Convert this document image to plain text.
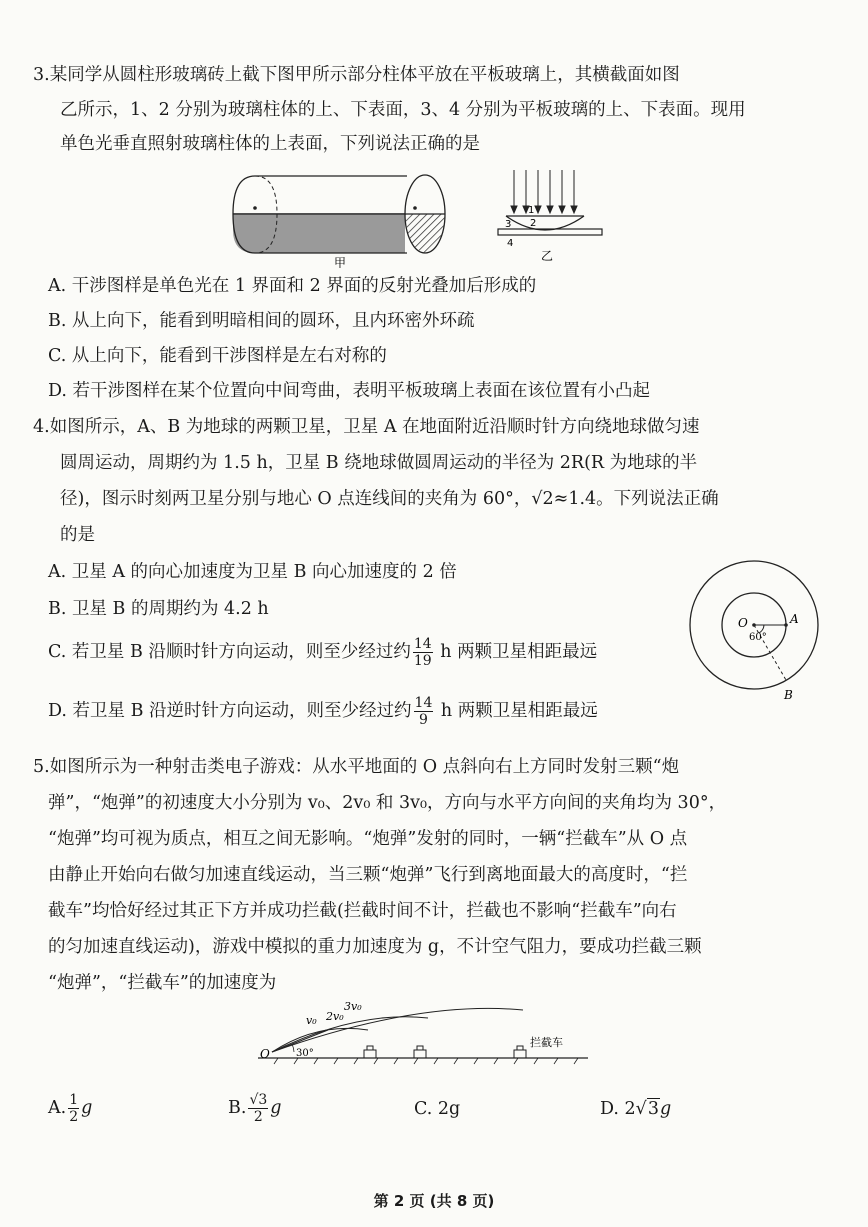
3.某同学从圆柱形玻璃砖上截下图甲所示部分柱体平放在平板玻璃上，其横截面如图
乙所示，1、2 分别为玻璃柱体的上、下表面，3、4 分别为平板玻璃的上、下表面。现用
单色光垂直照射玻璃柱体的上表面，下列说法正确的是
甲
1
2
3
4
乙
A. 干涉图样是单色光在 1 界面和 2 界面的反射光叠加后形成的
B. 从上向下，能看到明暗相间的圆环，且内环密外环疏
C. 从上向下，能看到干涉图样是左右对称的
D. 若干涉图样在某个位置向中间弯曲，表明平板玻璃上表面在该位置有小凸起
4.如图所示，A、B 为地球的两颗卫星，卫星 A 在地面附近沿顺时针方向绕地球做匀速
圆周运动，周期约为 1.5 h，卫星 B 绕地球做圆周运动的半径为 2R(R 为地球的半
径)，图示时刻两卫星分别与地心 O 点连线间的夹角为 60°，√2≈1.4。下列说法正确
的是
A. 卫星 A 的向心加速度为卫星 B 向心加速度的 2 倍
B. 卫星 B 的周期约为 4.2 h
C. 若卫星 B 沿顺时针方向运动，则至少经过约 $\frac{14}{19}$ h 两颗卫星相距最远
D. 若卫星 B 沿逆时针方向运动，则至少经过约 $\frac{14}{9}$ h 两颗卫星相距最远
O
60°
A
B
5.如图所示为一种射击类电子游戏：从水平地面的 O 点斜向右上方同时发射三颗“炮
弹”，“炮弹”的初速度大小分别为 v₀、2v₀ 和 3v₀，方向与水平方向间的夹角均为 30°，
“炮弹”均可视为质点，相互之间无影响。“炮弹”发射的同时，一辆“拦截车”从 O 点
由静止开始向右做匀加速直线运动，当三颗“炮弹”飞行到离地面最大的高度时，“拦
截车”均恰好经过其正下方并成功拦截(拦截时间不计，拦截也不影响“拦截车”向右
的匀加速直线运动)，游戏中模拟的重力加速度为 g，不计空气阻力，要成功拦截三颗
“炮弹”，“拦截车”的加速度为
O	30°
v₀ 2v₀
3v₀
拦截车
A. $\frac{1}{2}$ g	B. $\frac{√3}{2}$ g	C. 2g	D. 2√3g
第 2 页 (共 8 页)
